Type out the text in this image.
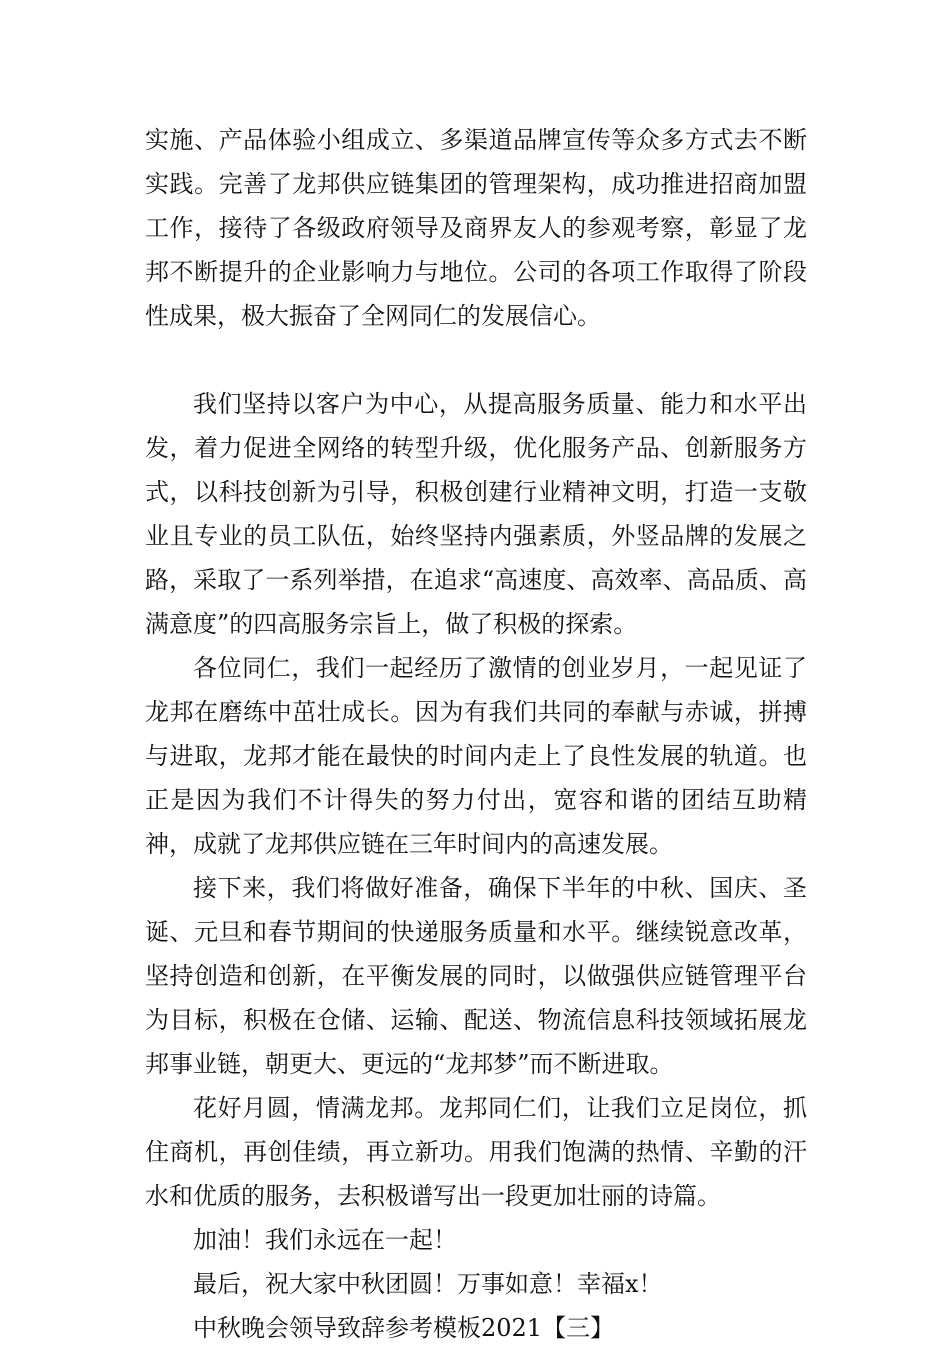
实施、产品体验小组成立、多渠道品牌宣传等众多方式去不断实践。完善了龙邦供应链集团的管理架构，成功推进招商加盟工作，接待了各级政府领导及商界友人的参观考察，彰显了龙邦不断提升的企业影响力与地位。公司的各项工作取得了阶段性成果，极大振奋了全网同仁的发展信心。

我们坚持以客户为中心，从提高服务质量、能力和水平出发，着力促进全网络的转型升级，优化服务产品、创新服务方式，以科技创新为引导，积极创建行业精神文明，打造一支敬业且专业的员工队伍，始终坚持内强素质，外竖品牌的发展之路，采取了一系列举措，在追求“高速度、高效率、高品质、高满意度”的四高服务宗旨上，做了积极的探索。

各位同仁，我们一起经历了激情的创业岁月，一起见证了龙邦在磨练中茁壮成长。因为有我们共同的奉献与赤诚，拼搏与进取，龙邦才能在最快的时间内走上了良性发展的轨道。也正是因为我们不计得失的努力付出，宽容和谐的团结互助精神，成就了龙邦供应链在三年时间内的高速发展。

接下来，我们将做好准备，确保下半年的中秋、国庆、圣诞、元旦和春节期间的快递服务质量和水平。继续锐意改革，坚持创造和创新，在平衡发展的同时，以做强供应链管理平台为目标，积极在仓储、运输、配送、物流信息科技领域拓展龙邦事业链，朝更大、更远的“龙邦梦”而不断进取。

花好月圆，情满龙邦。龙邦同仁们，让我们立足岗位，抓住商机，再创佳绩，再立新功。用我们饱满的热情、辛勤的汗水和优质的服务，去积极谱写出一段更加壮丽的诗篇。

加油！我们永远在一起！

最后，祝大家中秋团圆！万事如意！幸福x！

中秋晚会领导致辞参考模板2021【三】
